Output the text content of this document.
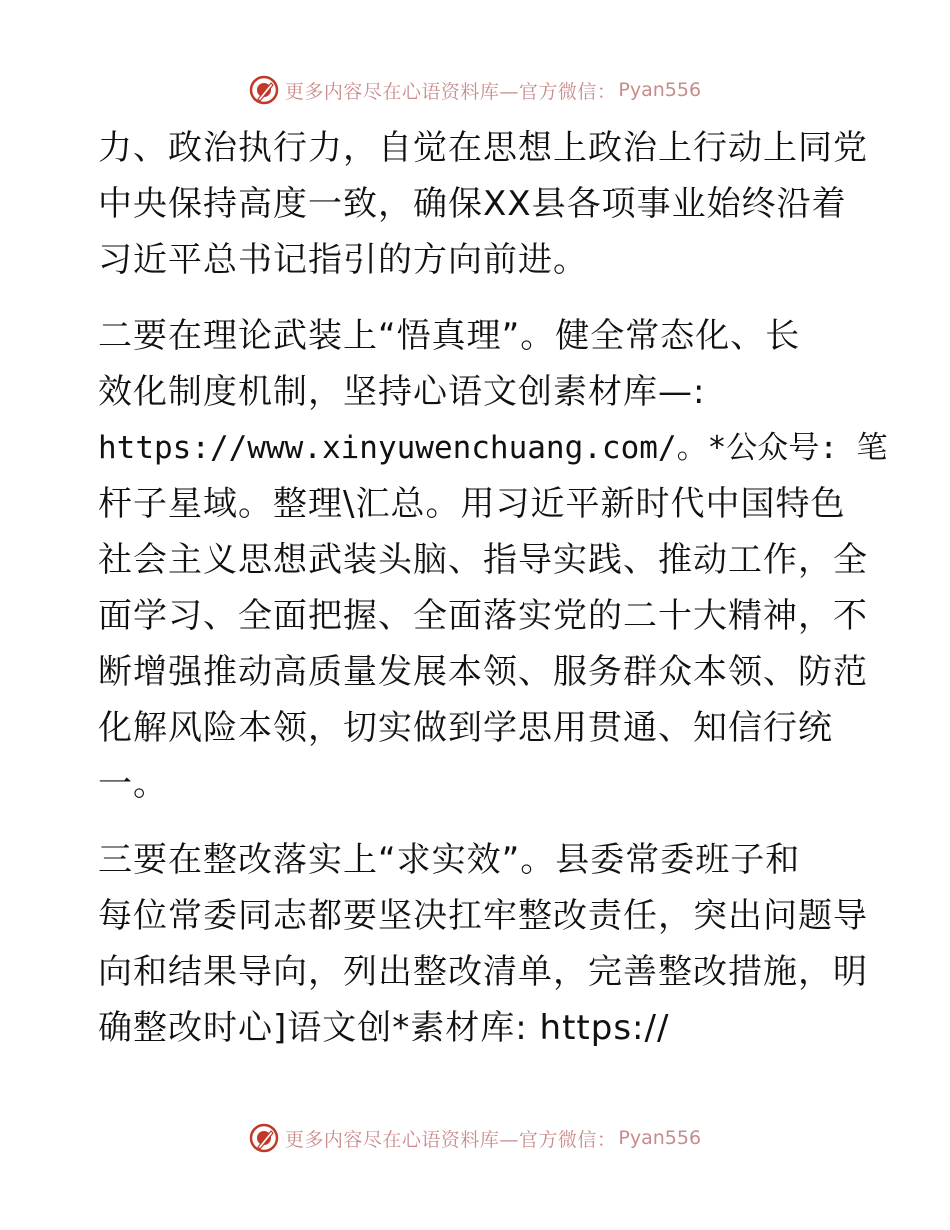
更多内容尽在心语资料库—官方微信： Pyan556
力、政治执行力，自觉在思想上政治上行动上同党
中央保持高度一致，确保XX县各项事业始终沿着
习近平总书记指引的方向前进。
二要在理论武装上“悟真理”。健全常态化、长
效化制度机制，坚持心语文创素材库—:
https://www.xinyuwenchuang.com/。*公众号: 笔
杆子星域。整理\汇总。用习近平新时代中国特色
社会主义思想武装头脑、指导实践、推动工作，全
面学习、全面把握、全面落实党的二十大精神，不
断增强推动高质量发展本领、服务群众本领、防范
化解风险本领，切实做到学思用贯通、知信行统
一。
三要在整改落实上“求实效”。县委常委班子和
每位常委同志都要坚决扛牢整改责任，突出问题导
向和结果导向，列出整改清单，完善整改措施，明
确整改时心]语文创*素材库: https://
更多内容尽在心语资料库—官方微信： Pyan556
